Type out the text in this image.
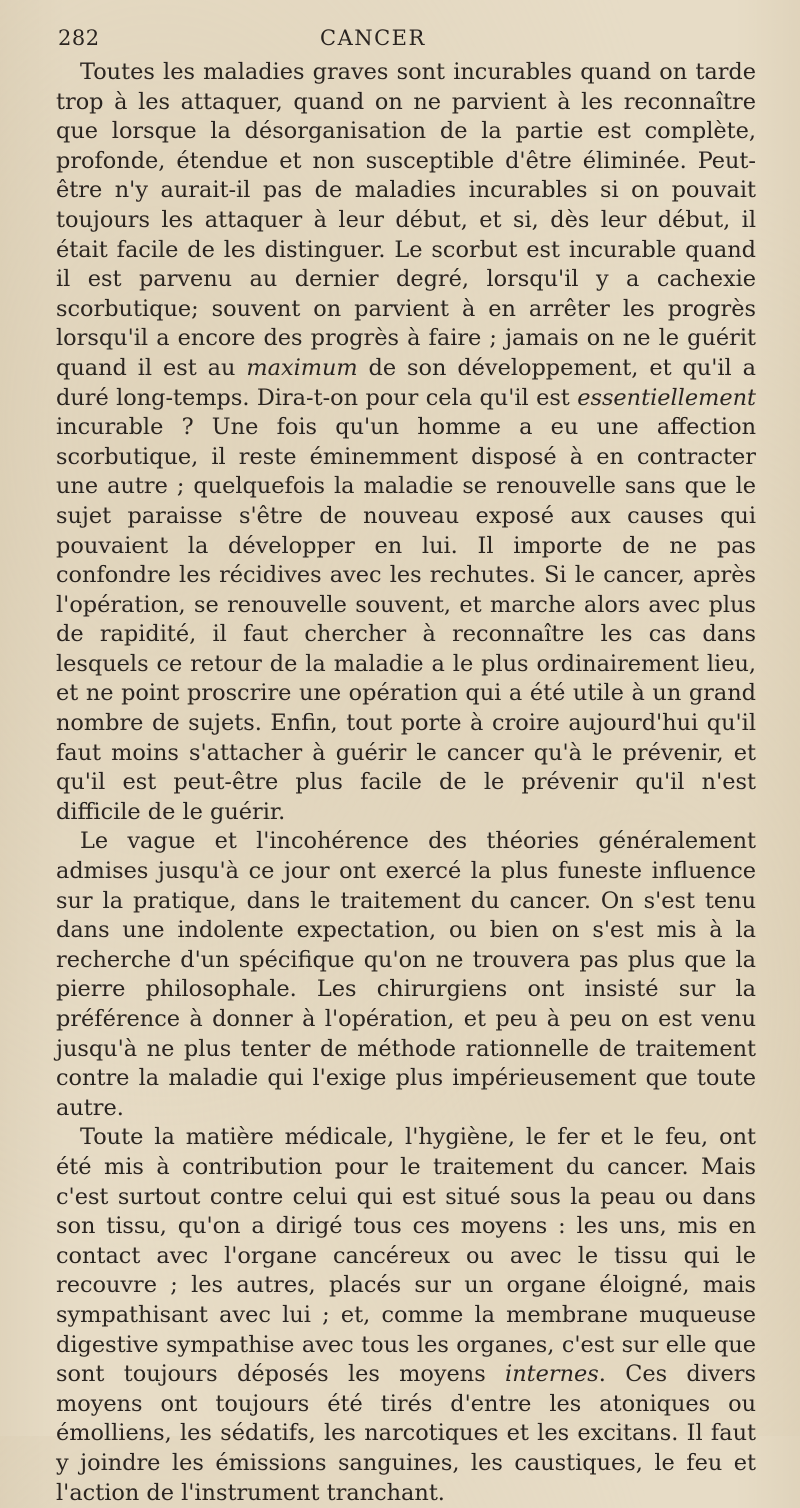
282	CANCER

Toutes les maladies graves sont incurables quand on tarde trop à les attaquer, quand on ne parvient à les reconnaître que lorsque la désorganisation de la partie est complète, profonde, étendue et non susceptible d'être éliminée. Peut-être n'y aurait-il pas de maladies incurables si on pouvait toujours les attaquer à leur début, et si, dès leur début, il était facile de les distinguer. Le scorbut est incurable quand il est parvenu au dernier degré, lorsqu'il y a cachexie scorbutique; souvent on parvient à en arrêter les progrès lorsqu'il a encore des progrès à faire ; jamais on ne le guérit quand il est au maximum de son développement, et qu'il a duré long-temps. Dira-t-on pour cela qu'il est essentiellement incurable ? Une fois qu'un homme a eu une affection scorbutique, il reste éminemment disposé à en contracter une autre ; quelquefois la maladie se renouvelle sans que le sujet paraisse s'être de nouveau exposé aux causes qui pouvaient la développer en lui. Il importe de ne pas confondre les récidives avec les rechutes. Si le cancer, après l'opération, se renouvelle souvent, et marche alors avec plus de rapidité, il faut chercher à reconnaître les cas dans lesquels ce retour de la maladie a le plus ordinairement lieu, et ne point proscrire une opération qui a été utile à un grand nombre de sujets. Enfin, tout porte à croire aujourd'hui qu'il faut moins s'attacher à guérir le cancer qu'à le prévenir, et qu'il est peut-être plus facile de le prévenir qu'il n'est difficile de le guérir.

Le vague et l'incohérence des théories généralement admises jusqu'à ce jour ont exercé la plus funeste influence sur la pratique, dans le traitement du cancer. On s'est tenu dans une indolente expectation, ou bien on s'est mis à la recherche d'un spécifique qu'on ne trouvera pas plus que la pierre philosophale. Les chirurgiens ont insisté sur la préférence à donner à l'opération, et peu à peu on est venu jusqu'à ne plus tenter de méthode rationnelle de traitement contre la maladie qui l'exige plus impérieusement que toute autre.

Toute la matière médicale, l'hygiène, le fer et le feu, ont été mis à contribution pour le traitement du cancer. Mais c'est surtout contre celui qui est situé sous la peau ou dans son tissu, qu'on a dirigé tous ces moyens : les uns, mis en contact avec l'organe cancéreux ou avec le tissu qui le recouvre ; les autres, placés sur un organe éloigné, mais sympathisant avec lui ; et, comme la membrane muqueuse digestive sympathise avec tous les organes, c'est sur elle que sont toujours déposés les moyens internes. Ces divers moyens ont toujours été tirés d'entre les atoniques ou émolliens, les sédatifs, les narcotiques et les excitans. Il faut y joindre les émissions sanguines, les caustiques, le feu et l'action de l'instrument tranchant.
